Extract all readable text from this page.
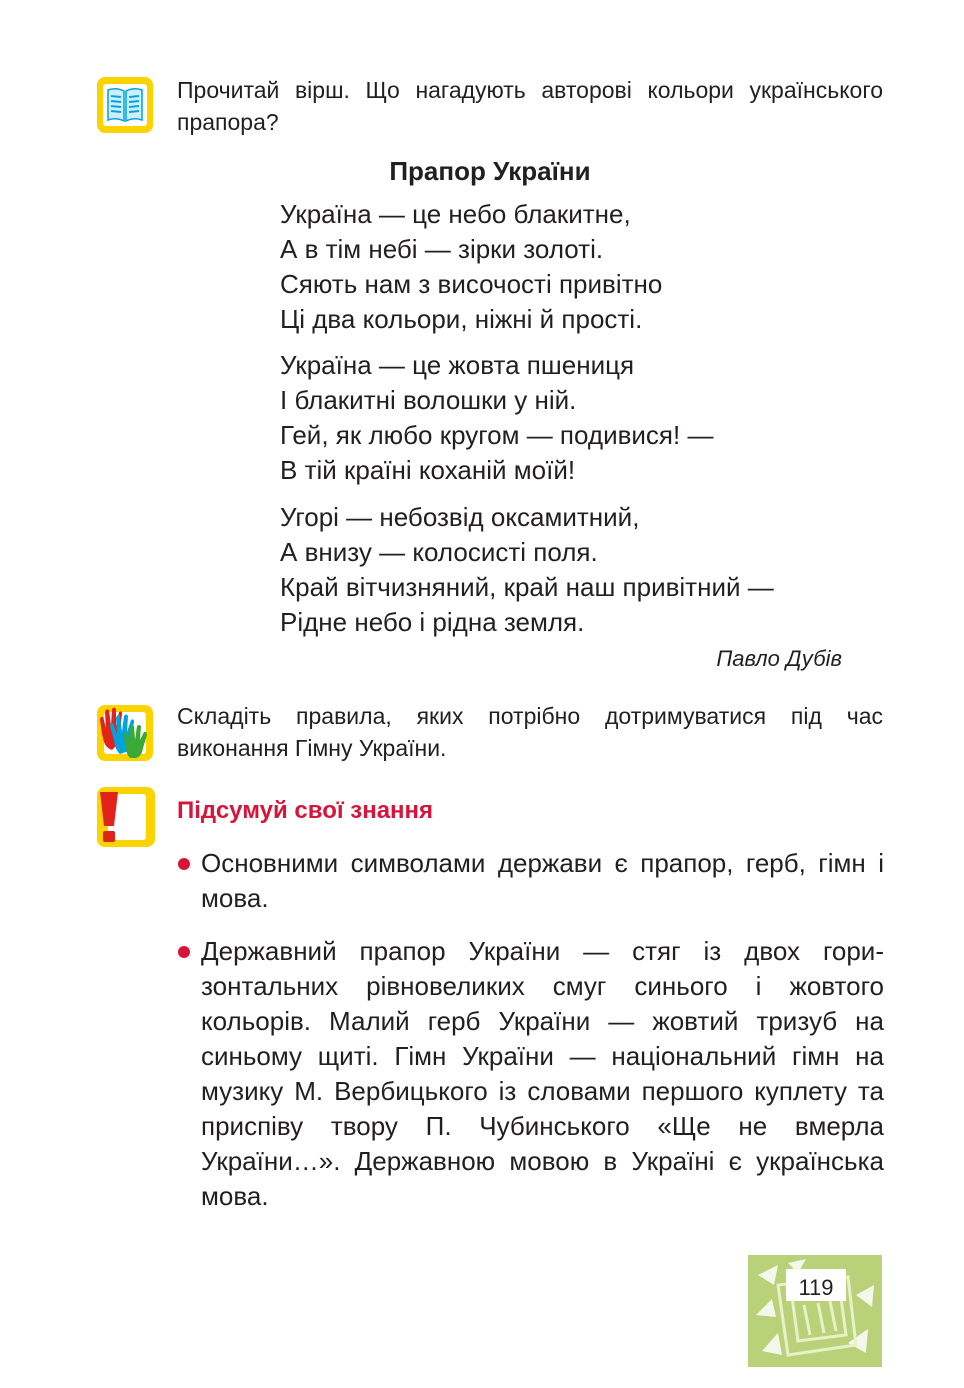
Прочитай вірш. Що нагадують авторові кольори українського прапора?

Прапор України
Україна — це небо блакитне,
А в тім небі — зірки золоті.
Сяють нам з височості привітно
Ці два кольори, ніжні й прості.
Україна — це жовта пшениця
І блакитні волошки у ній.
Гей, як любо кругом — подивися! —
В тій країні коханій моїй!
Угорі — небозвід оксамитний,
А внизу — колосисті поля.
Край вітчизняний, край наш привітний —
Рідне небо і рідна земля.

Павло Дубів

Складіть правила, яких потрібно дотримуватися під час виконання Гімну України.

Підсумуй свої знання

Основними символами держави є прапор, герб, гімн і мова.

Державний прапор України — стяг із двох горизонтальних рівновеликих смуг синього і жовтого кольорів. Малий герб України — жовтий тризуб на синьому щиті. Гімн України — національний гімн на музику М. Вербицького із словами першого куплету та приспіву твору П. Чубинського «Ще не вмерла України…». Державною мовою в Україні є українська мова.

119
